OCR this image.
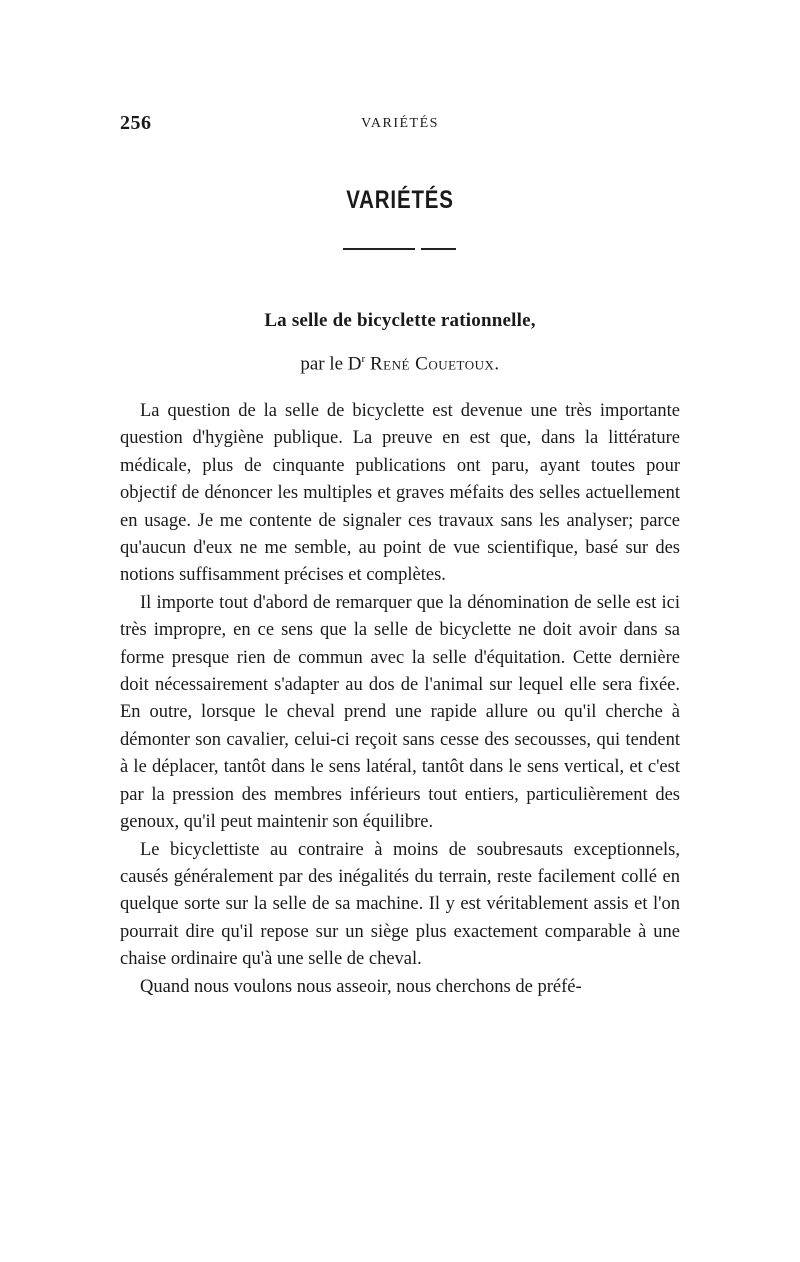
256	VARIÉTÉS
VARIÉTÉS
La selle de bicyclette rationnelle,
par le $D^r$ René Couetoux.

La question de la selle de bicyclette est devenue une très importante question d'hygiène publique. La preuve en est que, dans la littérature médicale, plus de cinquante publications ont paru, ayant toutes pour objectif de dénoncer les multiples et graves méfaits des selles actuellement en usage. Je me contente de signaler ces travaux sans les analyser; parce qu'aucun d'eux ne me semble, au point de vue scientifique, basé sur des notions suffisamment précises et complètes.

Il importe tout d'abord de remarquer que la dénomination de selle est ici très impropre, en ce sens que la selle de bicyclette ne doit avoir dans sa forme presque rien de commun avec la selle d'équitation. Cette dernière doit nécessairement s'adapter au dos de l'animal sur lequel elle sera fixée. En outre, lorsque le cheval prend une rapide allure ou qu'il cherche à démonter son cavalier, celui-ci reçoit sans cesse des secousses, qui tendent à le déplacer, tantôt dans le sens latéral, tantôt dans le sens vertical, et c'est par la pression des membres inférieurs tout entiers, particulièrement des genoux, qu'il peut maintenir son équilibre.

Le bicyclettiste au contraire à moins de soubresauts exceptionnels, causés généralement par des inégalités du terrain, reste facilement collé en quelque sorte sur la selle de sa machine. Il y est véritablement assis et l'on pourrait dire qu'il repose sur un siège plus exactement comparable à une chaise ordinaire qu'à une selle de cheval.

Quand nous voulons nous asseoir, nous cherchons de préfé-
